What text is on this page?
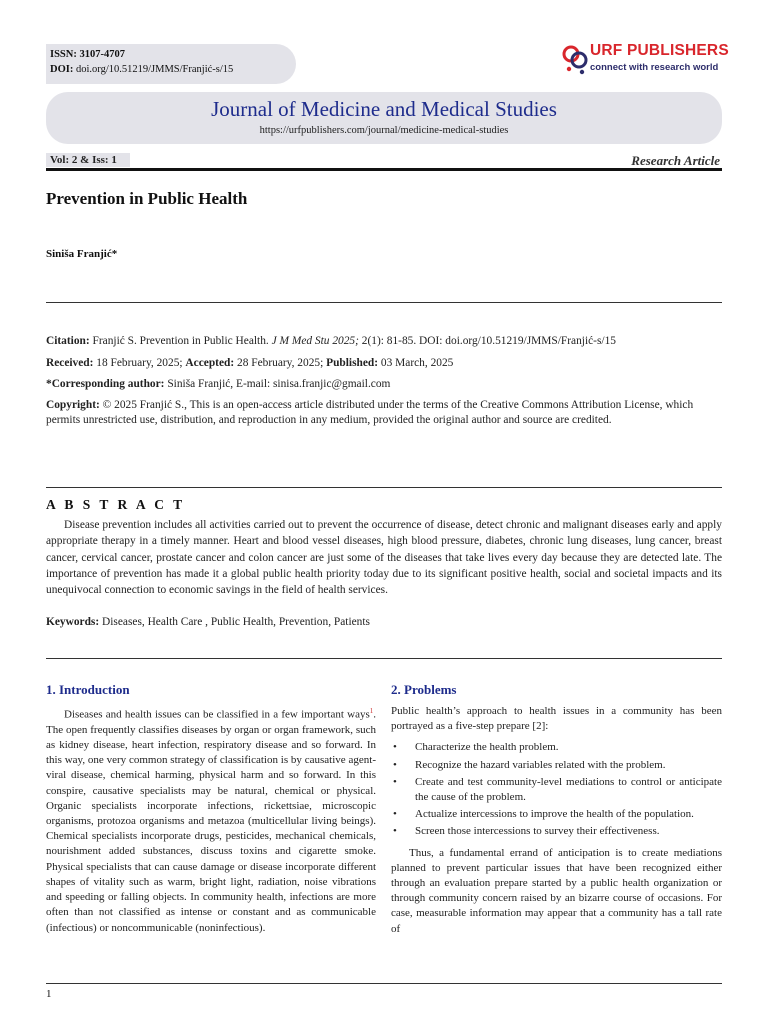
ISSN: 3107-4707
DOI: doi.org/10.51219/JMMS/Franjić-s/15
URF PUBLISHERS
connect with research world
Journal of Medicine and Medical Studies
https://urfpublishers.com/journal/medicine-medical-studies
Vol: 2 & Iss: 1	Research Article
Prevention in Public Health
Siniša Franjić*
Citation: Franjić S. Prevention in Public Health. J M Med Stu 2025; 2(1): 81-85. DOI: doi.org/10.51219/JMMS/Franjić-s/15
Received: 18 February, 2025; Accepted: 28 February, 2025; Published: 03 March, 2025
*Corresponding author: Siniša Franjić, E-mail: sinisa.franjic@gmail.com
Copyright: © 2025 Franjić S., This is an open-access article distributed under the terms of the Creative Commons Attribution License, which permits unrestricted use, distribution, and reproduction in any medium, provided the original author and source are credited.
A B S T R A C T
Disease prevention includes all activities carried out to prevent the occurrence of disease, detect chronic and malignant diseases early and apply appropriate therapy in a timely manner. Heart and blood vessel diseases, high blood pressure, diabetes, chronic lung diseases, lung cancer, breast cancer, cervical cancer, prostate cancer and colon cancer are just some of the diseases that take lives every day because they are detected late. The importance of prevention has made it a global public health priority today due to its significant positive health, social and societal impacts and its unequivocal connection to economic savings in the field of health services.
Keywords: Diseases, Health Care , Public Health, Prevention, Patients
1. Introduction

Diseases and health issues can be classified in a few important ways$^1$. The open frequently classifies diseases by organ or organ framework, such as kidney disease, heart infection, respiratory disease and so forward. In this way, one very common strategy of classification is by causative agent-viral disease, chemical harming, physical harm and so forward. In this conspire, causative specialists may be natural, chemical or physical. Organic specialists incorporate infections, rickettsiae, microscopic organisms, protozoa organisms and metazoa (multicellular living beings). Chemical specialists incorporate drugs, pesticides, mechanical chemicals, nourishment added substances, discuss toxins and cigarette smoke. Physical specialists that can cause damage or disease incorporate different shapes of vitality such as warm, bright light, radiation, noise vibrations and speeding or falling objects. In community health, infections are more often than not classified as intense or constant and as communicable (infectious) or noncommunicable (noninfectious).

2. Problems

Public health’s approach to health issues in a community has been portrayed as a five-step prepare [2]:

• Characterize the health problem.
• Recognize the hazard variables related with the problem.
• Create and test community-level mediations to control or anticipate the cause of the problem.
• Actualize intercessions to improve the health of the population.
• Screen those intercessions to survey their effectiveness.

Thus, a fundamental errand of anticipation is to create mediations planned to prevent particular issues that have been recognized either through an evaluation prepare started by a public health organization or through community concern raised by an bizarre course of occasions. For case, measurable information may appear that a community has a tall rate of

1
